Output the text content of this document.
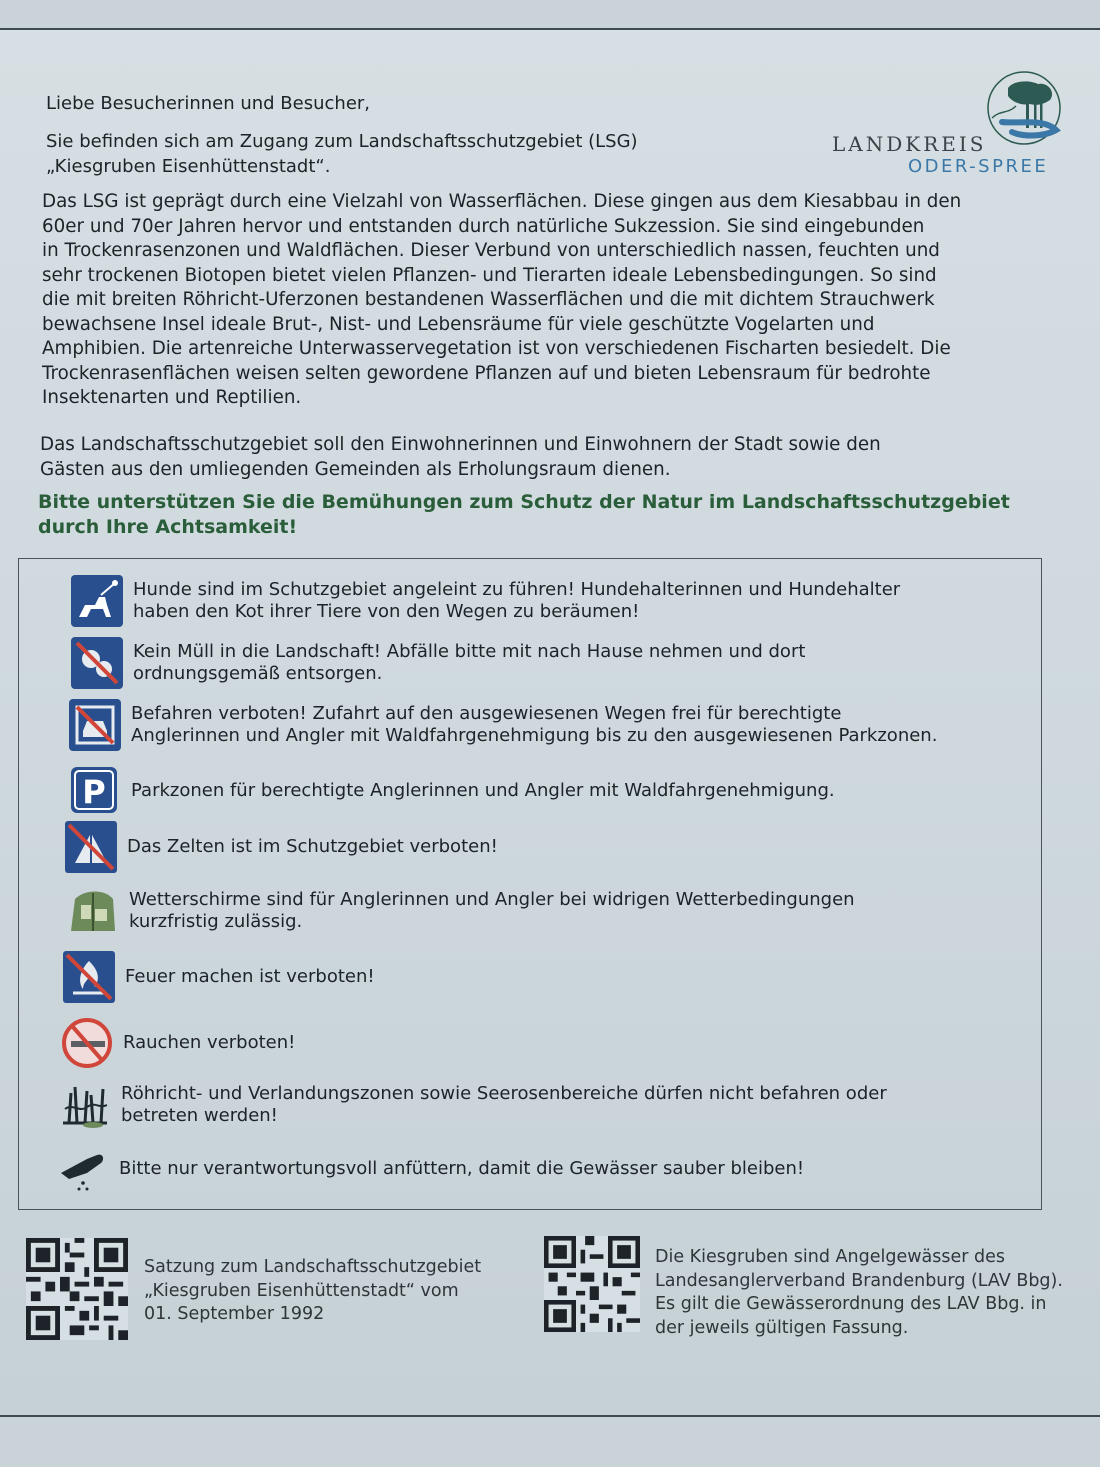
Liebe Besucherinnen und Besucher,

Sie befinden sich am Zugang zum Landschaftsschutzgebiet (LSG)
„Kiesgruben Eisenhüttenstadt“.

LANDKREIS
ODER-SPREE

Das LSG ist geprägt durch eine Vielzahl von Wasserflächen. Diese gingen aus dem Kiesabbau in den
60er und 70er Jahren hervor und entstanden durch natürliche Sukzession. Sie sind eingebunden
in Trockenrasenzonen und Waldflächen. Dieser Verbund von unterschiedlich nassen, feuchten und
sehr trockenen Biotopen bietet vielen Pflanzen- und Tierarten ideale Lebensbedingungen. So sind
die mit breiten Röhricht-Uferzonen bestandenen Wasserflächen und die mit dichtem Strauchwerk
bewachsene Insel ideale Brut-, Nist- und Lebensräume für viele geschützte Vogelarten und
Amphibien. Die artenreiche Unterwasservegetation ist von verschiedenen Fischarten besiedelt. Die
Trockenrasenflächen weisen selten gewordene Pflanzen auf und bieten Lebensraum für bedrohte
Insektenarten und Reptilien.

Das Landschaftsschutzgebiet soll den Einwohnerinnen und Einwohnern der Stadt sowie den
Gästen aus den umliegenden Gemeinden als Erholungsraum dienen.

Bitte unterstützen Sie die Bemühungen zum Schutz der Natur im Landschaftsschutzgebiet
durch Ihre Achtsamkeit!

Hunde sind im Schutzgebiet angeleint zu führen! Hundehalterinnen und Hundehalter
haben den Kot ihrer Tiere von den Wegen zu beräumen!
Kein Müll in die Landschaft! Abfälle bitte mit nach Hause nehmen und dort
ordnungsgemäß entsorgen.
Befahren verboten! Zufahrt auf den ausgewiesenen Wegen frei für berechtigte
Anglerinnen und Angler mit Waldfahrgenehmigung bis zu den ausgewiesenen Parkzonen.
P Parkzonen für berechtigte Anglerinnen und Angler mit Waldfahrgenehmigung.
Das Zelten ist im Schutzgebiet verboten!
Wetterschirme sind für Anglerinnen und Angler bei widrigen Wetterbedingungen
kurzfristig zulässig.
Feuer machen ist verboten!
Rauchen verboten!
Röhricht- und Verlandungszonen sowie Seerosenbereiche dürfen nicht befahren oder
betreten werden!
Bitte nur verantwortungsvoll anfüttern, damit die Gewässer sauber bleiben!
Satzung zum Landschaftsschutzgebiet
„Kiesgruben Eisenhüttenstadt“ vom
01. September 1992
Die Kiesgruben sind Angelgewässer des
Landesanglerverband Brandenburg (LAV Bbg).
Es gilt die Gewässerordnung des LAV Bbg. in
der jeweils gültigen Fassung.
